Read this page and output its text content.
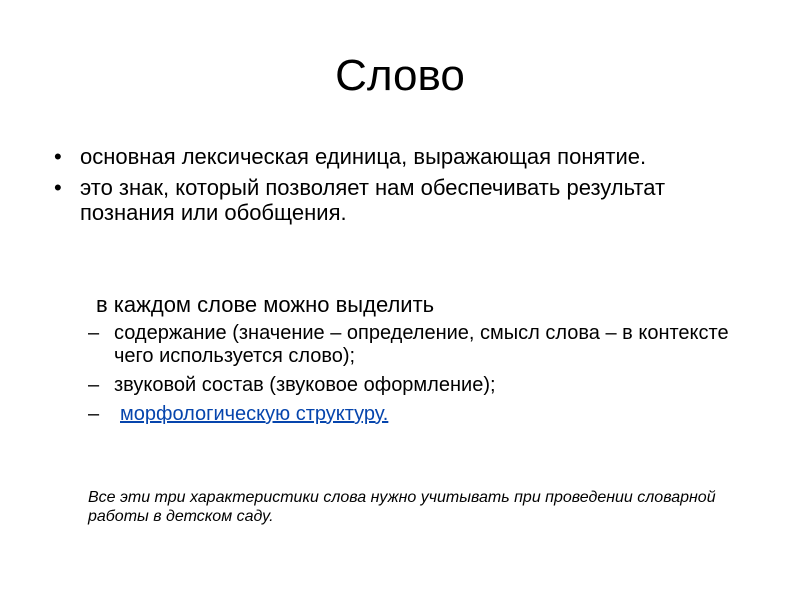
Слово
• основная лексическая единица, выражающая понятие.
• это знак, который позволяет нам обеспечивать результат познания или обобщения.
в каждом слове можно выделить
– содержание (значение – определение, смысл слова – в контексте чего используется слово);
– звуковой состав (звуковое оформление);
– морфологическую структуру.
Все эти три характеристики слова нужно учитывать при проведении словарной работы в детском саду.
